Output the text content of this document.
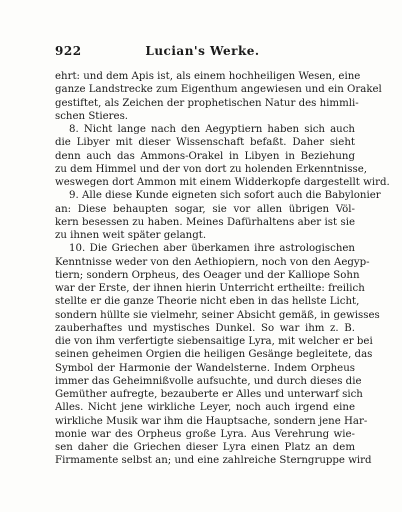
922	Lucian's Werke.
ehrt: und dem Apis ist, als einem hochheiligen Wesen, eine
ganze Landstrecke zum Eigenthum angewiesen und ein Orakel
gestiftet, als Zeichen der prophetischen Natur des himmli-
schen Stieres.
8. Nicht lange nach den Aegyptiern haben sich auch
die Libyer mit dieser Wissenschaft befaßt. Daher sieht
denn auch das Ammons-Orakel in Libyen in Beziehung
zu dem Himmel und der von dort zu holenden Erkenntnisse,
weswegen dort Ammon mit einem Widderkopfe dargestellt wird.
9. Alle diese Kunde eigneten sich sofort auch die Babylonier
an: Diese behaupten sogar, sie vor allen übrigen Völ-
kern besessen zu haben. Meines Dafürhaltens aber ist sie
zu ihnen weit später gelangt.
10. Die Griechen aber überkamen ihre astrologischen
Kenntnisse weder von den Aethiopiern, noch von den Aegyp-
tiern; sondern Orpheus, des Oeager und der Kalliope Sohn
war der Erste, der ihnen hierin Unterricht ertheilte: freilich
stellte er die ganze Theorie nicht eben in das hellste Licht,
sondern hüllte sie vielmehr, seiner Absicht gemäß, in gewisses
zauberhaftes und mystisches Dunkel. So war ihm z. B.
die von ihm verfertigte siebensaitige Lyra, mit welcher er bei
seinen geheimen Orgien die heiligen Gesänge begleitete, das
Symbol der Harmonie der Wandelsterne. Indem Orpheus
immer das Geheimnißvolle aufsuchte, und durch dieses die
Gemüther aufregte, bezauberte er Alles und unterwarf sich
Alles. Nicht jene wirkliche Leyer, noch auch irgend eine
wirkliche Musik war ihm die Hauptsache, sondern jene Har-
monie war des Orpheus große Lyra. Aus Verehrung wie-
sen daher die Griechen dieser Lyra einen Platz an dem
Firmamente selbst an; und eine zahlreiche Sterngruppe wird
